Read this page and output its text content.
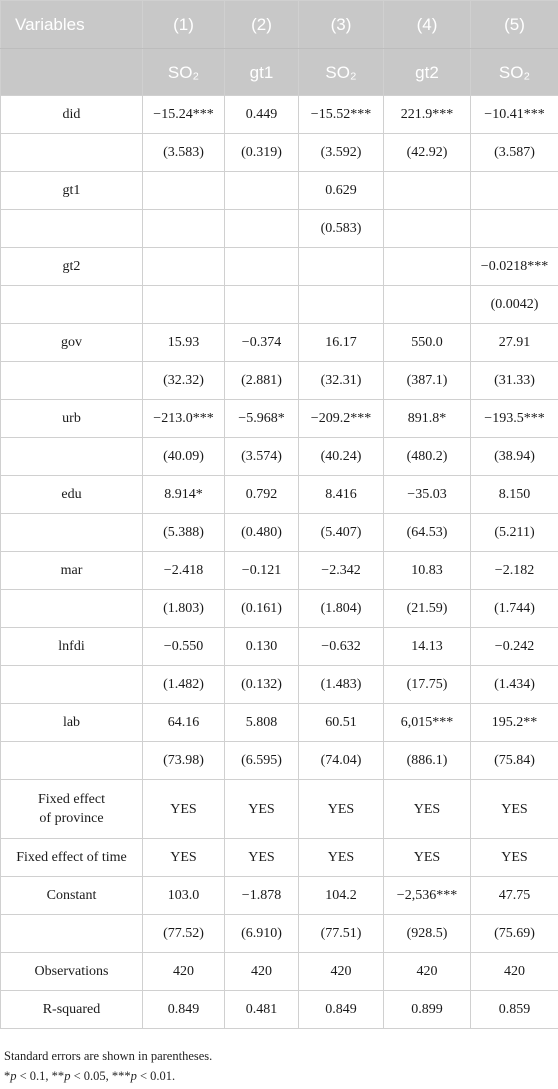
Variables	(1)	(2)	(3)	(4)	(5)
	SO₂	gt1	SO₂	gt2	SO₂
did	−15.24***	0.449	−15.52***	221.9***	−10.41***
	(3.583)	(0.319)	(3.592)	(42.92)	(3.587)
gt1			0.629		
			(0.583)		
gt2					−0.0218***
					(0.0042)
gov	15.93	−0.374	16.17	550.0	27.91
	(32.32)	(2.881)	(32.31)	(387.1)	(31.33)
urb	−213.0***	−5.968*	−209.2***	891.8*	−193.5***
	(40.09)	(3.574)	(40.24)	(480.2)	(38.94)
edu	8.914*	0.792	8.416	−35.03	8.150
	(5.388)	(0.480)	(5.407)	(64.53)	(5.211)
mar	−2.418	−0.121	−2.342	10.83	−2.182
	(1.803)	(0.161)	(1.804)	(21.59)	(1.744)
lnfdi	−0.550	0.130	−0.632	14.13	−0.242
	(1.482)	(0.132)	(1.483)	(17.75)	(1.434)
lab	64.16	5.808	60.51	6,015***	195.2**
	(73.98)	(6.595)	(74.04)	(886.1)	(75.84)
Fixed effect
of province	YES	YES	YES	YES	YES
Fixed effect of time	YES	YES	YES	YES	YES
Constant	103.0	−1.878	104.2	−2,536***	47.75
	(77.52)	(6.910)	(77.51)	(928.5)	(75.69)
Observations	420	420	420	420	420
R-squared	0.849	0.481	0.849	0.899	0.859
Standard errors are shown in parentheses.
*p < 0.1, **p < 0.05, ***p < 0.01.
